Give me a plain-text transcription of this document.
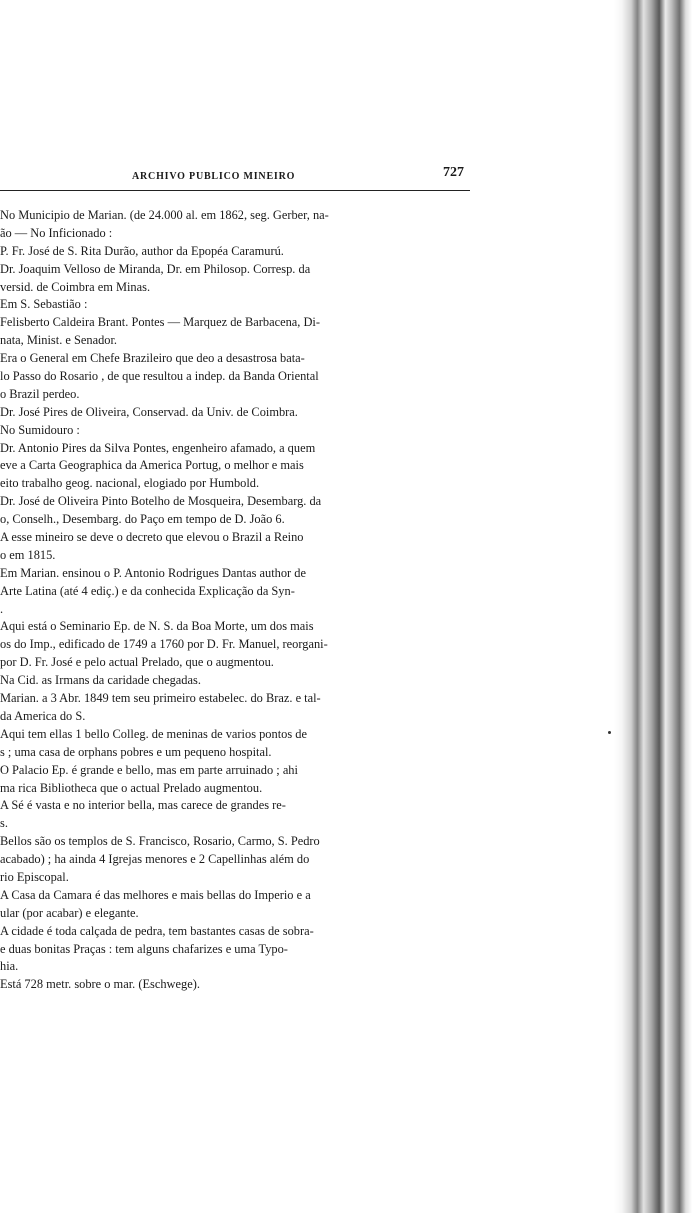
ARCHIVO PUBLICO MINEIRO	727
No Municipio de Marian. (de 24.000 al. em 1862, seg. Gerber, na-
ão — No Inficionado :
P. Fr. José de S. Rita Durão, author da Epopéa Caramurú.
Dr. Joaquim Velloso de Miranda, Dr. em Philosop. Corresp. da
versid. de Coimbra em Minas.
Em S. Sebastião :
Felisberto Caldeira Brant. Pontes — Marquez de Barbacena, Di-
nata, Minist. e Senador.
Era o General em Chefe Brazileiro que deo a desastrosa bata-
lo Passo do Rosario , de que resultou a indep. da Banda Oriental
o Brazil perdeo.
Dr. José Pires de Oliveira, Conservad. da Univ. de Coimbra.
No Sumidouro :
Dr. Antonio Pires da Silva Pontes, engenheiro afamado, a quem
eve a Carta Geographica da America Portug, o melhor e mais
eito trabalho geog. nacional, elogiado por Humbold.
Dr. José de Oliveira Pinto Botelho de Mosqueira, Desembarg. da
o, Conselh., Desembarg. do Paço em tempo de D. João 6.
A esse mineiro se deve o decreto que elevou o Brazil a Reino
o em 1815.
Em Marian. ensinou o P. Antonio Rodrigues Dantas author de
Arte Latina (até 4 ediç.) e da conhecida Explicação da Syn-
.
Aqui está o Seminario Ep. de N. S. da Boa Morte, um dos mais
os do Imp., edificado de 1749 a 1760 por D. Fr. Manuel, reorgani-
por D. Fr. José e pelo actual Prelado, que o augmentou.
Na Cid. as Irmans da caridade chegadas.
Marian. a 3 Abr. 1849 tem seu primeiro estabelec. do Braz. e tal-
da America do S.
Aqui tem ellas 1 bello Colleg. de meninas de varios pontos de
s ; uma casa de orphans pobres e um pequeno hospital.
O Palacio Ep. é grande e bello, mas em parte arruinado ; ahi
ma rica Bibliotheca que o actual Prelado augmentou.
A Sé é vasta e no interior bella, mas carece de grandes re-
s.
Bellos são os templos de S. Francisco, Rosario, Carmo, S. Pedro
acabado) ; ha ainda 4 Igrejas menores e 2 Capellinhas além do
rio Episcopal.
A Casa da Camara é das melhores e mais bellas do Imperio e a
ular (por acabar) e elegante.
A cidade é toda calçada de pedra, tem bastantes casas de sobra-
e duas bonitas Praças : tem alguns chafarizes e uma Typo-
hia.
Está 728 metr. sobre o mar. (Eschwege).
